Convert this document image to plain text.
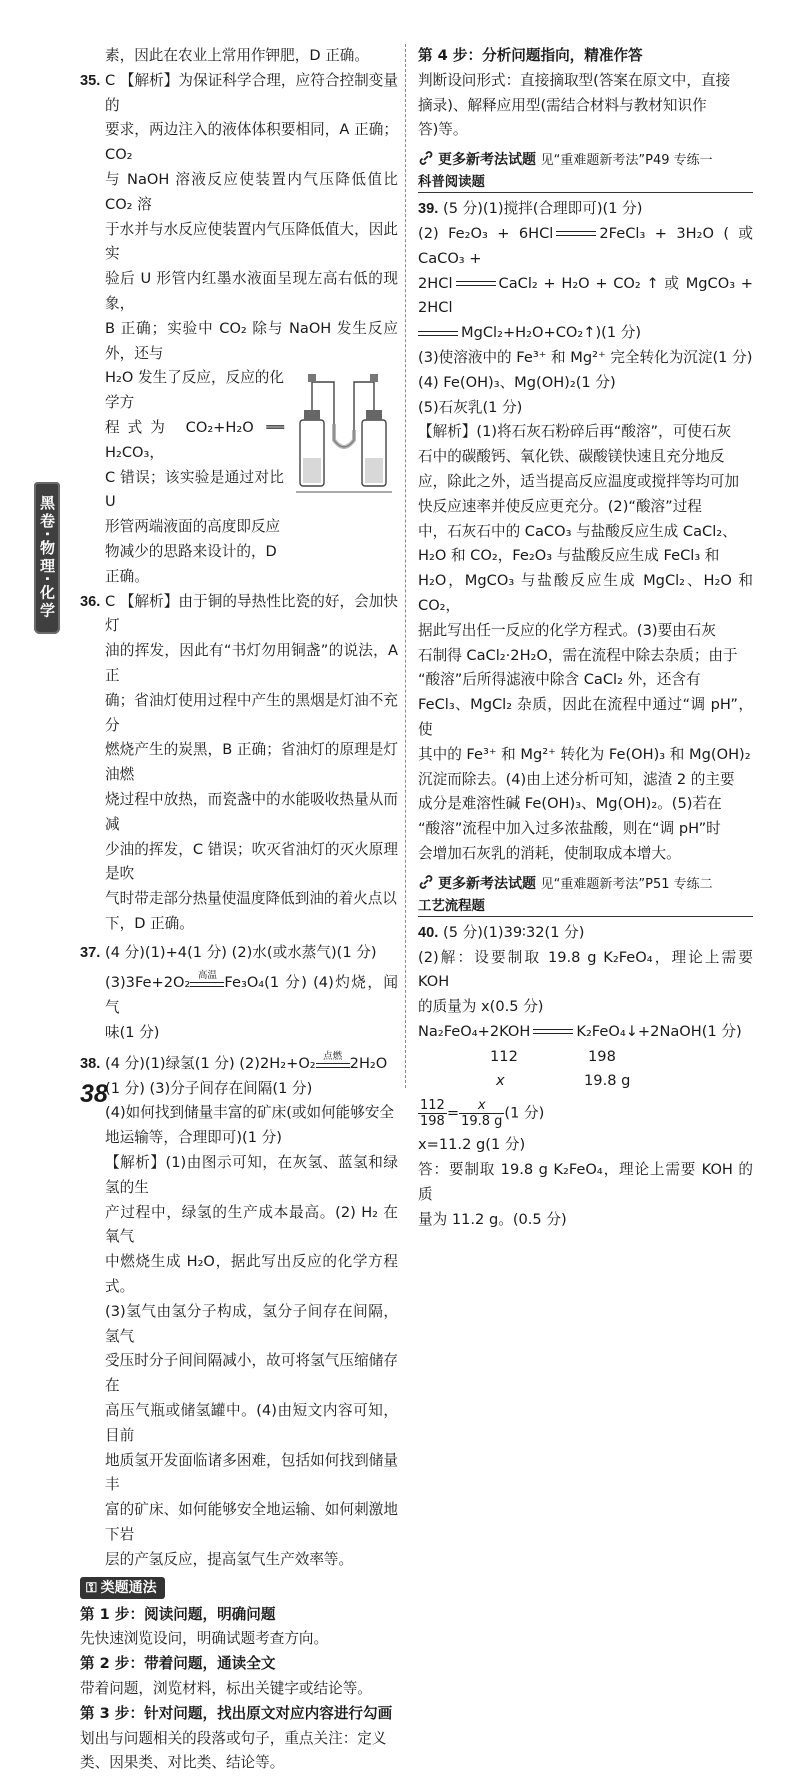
黑卷·物理·化学

素，因此在农业上常用作钾肥，D 正确。

35. C 【解析】为保证科学合理，应符合控制变量的

要求，两边注入的液体体积要相同，A 正确；CO₂

与 NaOH 溶液反应使装置内气压降低值比 CO₂ 溶

于水并与水反应使装置内气压降低值大，因此实

验后 U 形管内红墨水液面呈现左高右低的现象，

B 正确；实验中 CO₂ 除与 NaOH 发生反应外，还与

H₂O 发生了反应，反应的化学方

程式为 CO₂+H₂O ══ H₂CO₃，

C 错误；该实验是通过对比 U

形管两端液面的高度即反应

物减少的思路来设计的，D

正确。

36. C 【解析】由于铜的导热性比瓷的好，会加快灯

油的挥发，因此有“书灯勿用铜盏”的说法，A 正

确；省油灯使用过程中产生的黑烟是灯油不充分

燃烧产生的炭黑，B 正确；省油灯的原理是灯油燃

烧过程中放热，而瓷盏中的水能吸收热量从而减

少油的挥发，C 错误；吹灭省油灯的灭火原理是吹

气时带走部分热量使温度降低到油的着火点以

下，D 正确。

37. (4 分)(1)+4(1 分) (2)水(或水蒸气)(1 分)

(3)3Fe+2O₂ 高温 Fe₃O₄(1 分) (4)灼烧，闻气

味(1 分)

38. (4 分)(1)绿氢(1 分) (2)2H₂+O₂ 点燃 2H₂O

(1 分) (3)分子间存在间隔(1 分)

(4)如何找到储量丰富的矿床(或如何能够安全

地运输等，合理即可)(1 分)

【解析】(1)由图示可知，在灰氢、蓝氢和绿氢的生

产过程中，绿氢的生产成本最高。(2) H₂ 在氧气

中燃烧生成 H₂O，据此写出反应的化学方程式。

(3)氢气由氢分子构成，氢分子间存在间隔，氢气

受压时分子间间隔减小，故可将氢气压缩储存在

高压气瓶或储氢罐中。(4)由短文内容可知，目前

地质氢开发面临诸多困难，包括如何找到储量丰

富的矿床、如何能够安全地运输、如何刺激地下岩

层的产氢反应，提高氢气生产效率等。

⚿ 类题通法

第 1 步：阅读问题，明确问题

先快速浏览设问，明确试题考查方向。

第 2 步：带着问题，通读全文

带着问题，浏览材料，标出关键字或结论等。

第 3 步：针对问题，找出原文对应内容进行勾画

划出与问题相关的段落或句子，重点关注：定义

类、因果类、对比类、结论等。

第 4 步：分析问题指向，精准作答

判断设问形式：直接摘取型(答案在原文中，直接

摘录)、解释应用型(需结合材料与教材知识作

答)等。

更多新考法试题 见“重难题新考法”P49 专练一
科普阅读题

39. (5 分)(1)搅拌(合理即可)(1 分)

(2) Fe₂O₃ + 6HCl	2FeCl₃ + 3H₂O ( 或 CaCO₃ +

2HCl	CaCl₂ + H₂O + CO₂ ↑ 或 MgCO₃ + 2HCl

MgCl₂+H₂O+CO₂↑)(1 分)

(3)使溶液中的 Fe³⁺ 和 Mg²⁺ 完全转化为沉淀(1 分)

(4) Fe(OH)₃、Mg(OH)₂(1 分)

(5)石灰乳(1 分)

【解析】(1)将石灰石粉碎后再“酸溶”，可使石灰

石中的碳酸钙、氧化铁、碳酸镁快速且充分地反

应，除此之外，适当提高反应温度或搅拌等均可加

快反应速率并使反应更充分。(2)“酸溶”过程

中，石灰石中的 CaCO₃ 与盐酸反应生成 CaCl₂、

H₂O 和 CO₂，Fe₂O₃ 与盐酸反应生成 FeCl₃ 和

H₂O，MgCO₃ 与盐酸反应生成 MgCl₂、H₂O 和 CO₂，

据此写出任一反应的化学方程式。(3)要由石灰

石制得 CaCl₂·2H₂O，需在流程中除去杂质；由于

“酸溶”后所得滤液中除含 CaCl₂ 外，还含有

FeCl₃、MgCl₂ 杂质，因此在流程中通过“调 pH”，使

其中的 Fe³⁺ 和 Mg²⁺ 转化为 Fe(OH)₃ 和 Mg(OH)₂

沉淀而除去。(4)由上述分析可知，滤渣 2 的主要

成分是难溶性碱 Fe(OH)₃、Mg(OH)₂。(5)若在

“酸溶”流程中加入过多浓盐酸，则在“调 pH”时

会增加石灰乳的消耗，使制取成本增大。

更多新考法试题 见“重难题新考法”P51 专练二
工艺流程题

40. (5 分)(1)39∶32(1 分)

(2)解：设要制取 19.8 g K₂FeO₄，理论上需要 KOH

的质量为 x(0.5 分)

Na₂FeO₄+2KOH	K₂FeO₄↓+2NaOH(1 分)

112	198
x	19.8 g

$\frac{112}{198} = \frac{x}{19.8 g} (1$ 分)

x=11.2 g(1 分)

答：要制取 19.8 g K₂FeO₄，理论上需要 KOH 的质

量为 11.2 g。(0.5 分)

38
